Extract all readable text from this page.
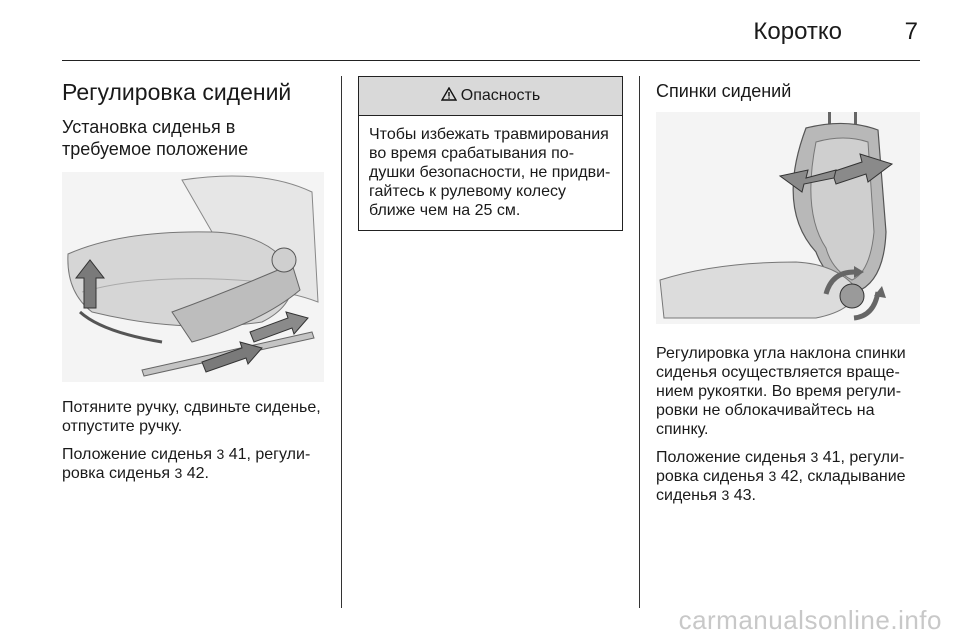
Коротко	7
Регулировка сидений
Установка сиденья в требуемое положение

Потяните ручку, сдвиньте сиденье, отпустите ручку.

Положение сиденья 3 41, регулировка сиденья 3 42.

Опасность
Чтобы избежать травмирования во время срабатывания подушки безопасности, не придвигайтесь к рулевому колесу ближе чем на 25 см.
Спинки сидений

Регулировка угла наклона спинки сиденья осуществляется вращением рукоятки. Во время регулировки не облокачивайтесь на спинку.

Положение сиденья 3 41, регулировка сиденья 3 42, складывание сиденья 3 43.

carmanualsonline.info
